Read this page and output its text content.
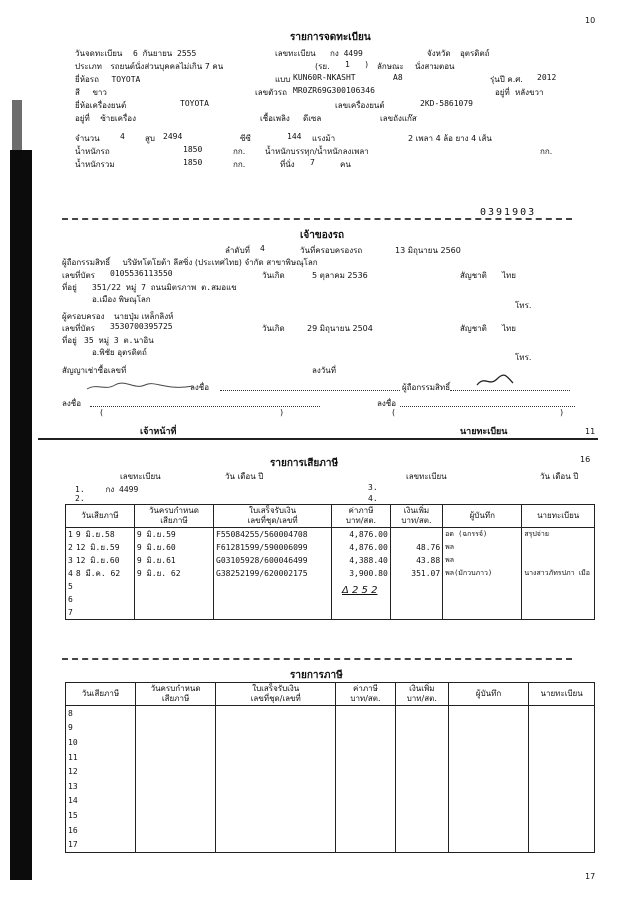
10
รายการจดทะเบียน
วันจดทะเบียน 6 กันยายน 2555	เลขทะเบียน กง 4499	จังหวัด อุตรดิตถ์
ประเภท รถยนต์นั่งส่วนบุคคลไม่เกิน 7 คน	(รย. 1 ) ลักษณะ นั่งสามตอน
ยี่ห้อรถ TOYOTA	แบบ KUN60R-NKASHT	A8	รุ่นปี ค.ศ. 2012
สี ขาว	เลขตัวรถ MR0ZR69G300106346	อยู่ที่ หลังขวา
ยี่ห้อเครื่องยนต์	TOYOTA	เลขเครื่องยนต์	2KD-5861079
อยู่ที่ ซ้ายเครื่อง	เชื้อเพลิง ดีเซล	เลขถังแก๊ส
จำนวน	4	สูบ 2494	ซีซี	144 แรงม้า	2 เพลา 4 ล้อ ยาง 4 เส้น
น้ำหนักรถ	1850	กก. น้ำหนักบรรทุก/น้ำหนักลงเพลา	กก.
น้ำหนักรวม	1850	กก.	ที่นั่ง 7	คน
0391903
เจ้าของรถ
ลำดับที่ 4	วันที่ครอบครองรถ	13 มิถุนายน 2560
ผู้ถือกรรมสิทธิ์ บริษัทโตโยต้า ลีสซิ่ง (ประเทศไทย) จำกัด สาขาพิษณุโลก
เลขที่บัตร 0105536113550	วันเกิด	5 ตุลาคม 2536	สัญชาติ ไทย
ที่อยู่ 351/22 หมู่ 7 ถนนมิตรภาพ ต.สมอแข
อ.เมือง พิษณุโลก
โทร.
ผู้ครอบครอง นายปุ่ม เหล็กลิงห์
เลขที่บัตร 3530700395725	วันเกิด	29 มิถุนายน 2504	สัญชาติ ไทย
ที่อยู่ 35 หมู่ 3 ต.นาอิน
อ.พิชัย อุตรดิตถ์
โทร.
สัญญาเช่าซื้อเลขที่	ลงวันที่
ลงชื่อ	ผู้ถือกรรมสิทธิ์
ลงชื่อ	ลงชื่อ
(	)	(	)
เจ้าหน้าที่	นายทะเบียน	11
16
รายการเสียภาษี
เลขทะเบียน	วัน เดือน ปี	เลขทะเบียน	วัน เดือน ปี
1.	กง 4499
2.
3.
4.
วันเสียภาษี	วันครบกำหนด
เสียภาษี	ใบเสร็จรับเงิน
เลขที่ชุด/เลขที่	ค่าภาษี
บาท/สต.	เงินเพิ่ม
บาท/สต.	ผู้บันทึก	นายทะเบียน
1 9 มิ.ย.58	9 มิ.ย.59	F55084255/560004708	4,876.00		อด (ฉกรรจ์)	สรุปจ่าย
2 12 มิ.ย.59	9 มิ.ย.60	F61281599/590006099	4,876.00	48.76	พล	
3 12 มิ.ย.60	9 มิ.ย.61	G03105928/600046499	4,388.40	43.88	พล	
4 8 มี.ค. 62	9 มิ.ย. 62	G38252199/620002175	3,900.80	351.07	พล(มักวบภาว)	นางสาวภัทรปภา เมือ
5						
6						
7						
Δ 2 5 2
รายการภาษี
วันเสียภาษี	วันครบกำหนด
เสียภาษี	ใบเสร็จรับเงิน
เลขที่ชุด/เลขที่	ค่าภาษี
บาท/สต.	เงินเพิ่ม
บาท/สต.	ผู้บันทึก	นายทะเบียน
8						
9						
10						
11						
12						
13						
14						
15						
16						
17						
17
